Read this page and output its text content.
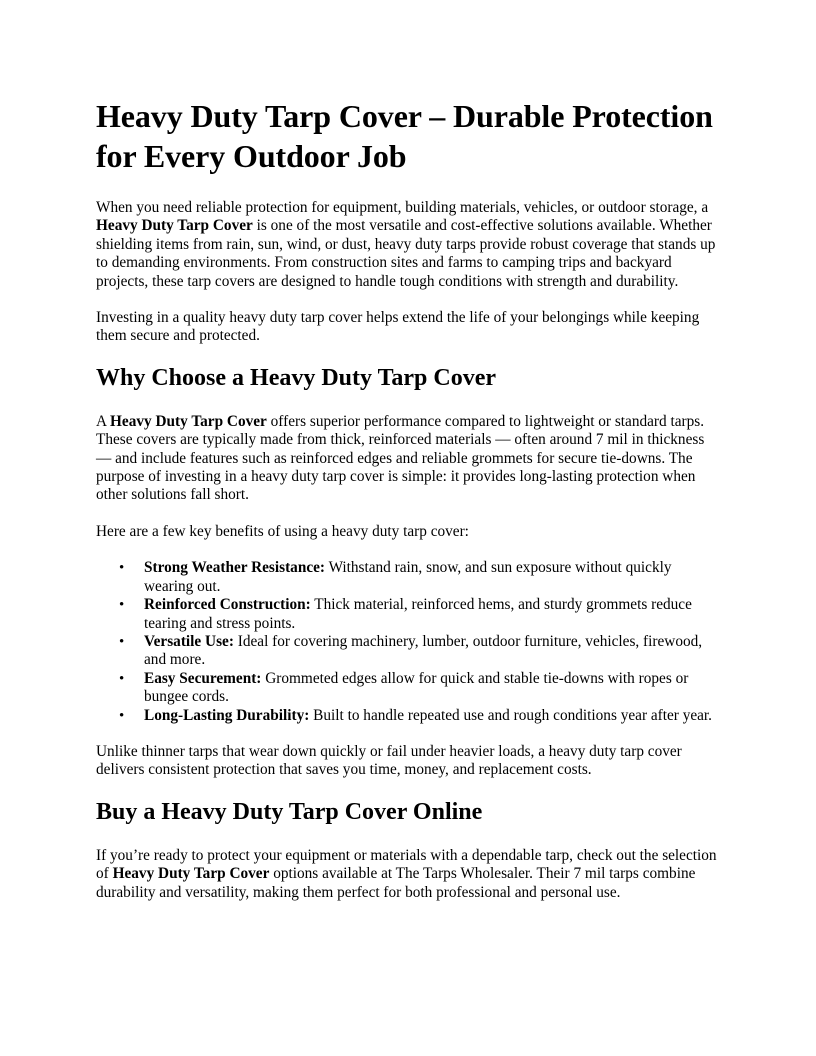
Heavy Duty Tarp Cover – Durable Protection for Every Outdoor Job

When you need reliable protection for equipment, building materials, vehicles, or outdoor storage, a Heavy Duty Tarp Cover is one of the most versatile and cost-effective solutions available. Whether shielding items from rain, sun, wind, or dust, heavy duty tarps provide robust coverage that stands up to demanding environments. From construction sites and farms to camping trips and backyard projects, these tarp covers are designed to handle tough conditions with strength and durability.

Investing in a quality heavy duty tarp cover helps extend the life of your belongings while keeping them secure and protected.

Why Choose a Heavy Duty Tarp Cover

A Heavy Duty Tarp Cover offers superior performance compared to lightweight or standard tarps. These covers are typically made from thick, reinforced materials — often around 7 mil in thickness — and include features such as reinforced edges and reliable grommets for secure tie-downs. The purpose of investing in a heavy duty tarp cover is simple: it provides long-lasting protection when other solutions fall short.

Here are a few key benefits of using a heavy duty tarp cover:

• Strong Weather Resistance: Withstand rain, snow, and sun exposure without quickly wearing out.
• Reinforced Construction: Thick material, reinforced hems, and sturdy grommets reduce tearing and stress points.
• Versatile Use: Ideal for covering machinery, lumber, outdoor furniture, vehicles, firewood, and more.
• Easy Securement: Grommeted edges allow for quick and stable tie-downs with ropes or bungee cords.
• Long-Lasting Durability: Built to handle repeated use and rough conditions year after year.

Unlike thinner tarps that wear down quickly or fail under heavier loads, a heavy duty tarp cover delivers consistent protection that saves you time, money, and replacement costs.

Buy a Heavy Duty Tarp Cover Online

If you’re ready to protect your equipment or materials with a dependable tarp, check out the selection of Heavy Duty Tarp Cover options available at The Tarps Wholesaler. Their 7 mil tarps combine durability and versatility, making them perfect for both professional and personal use.
